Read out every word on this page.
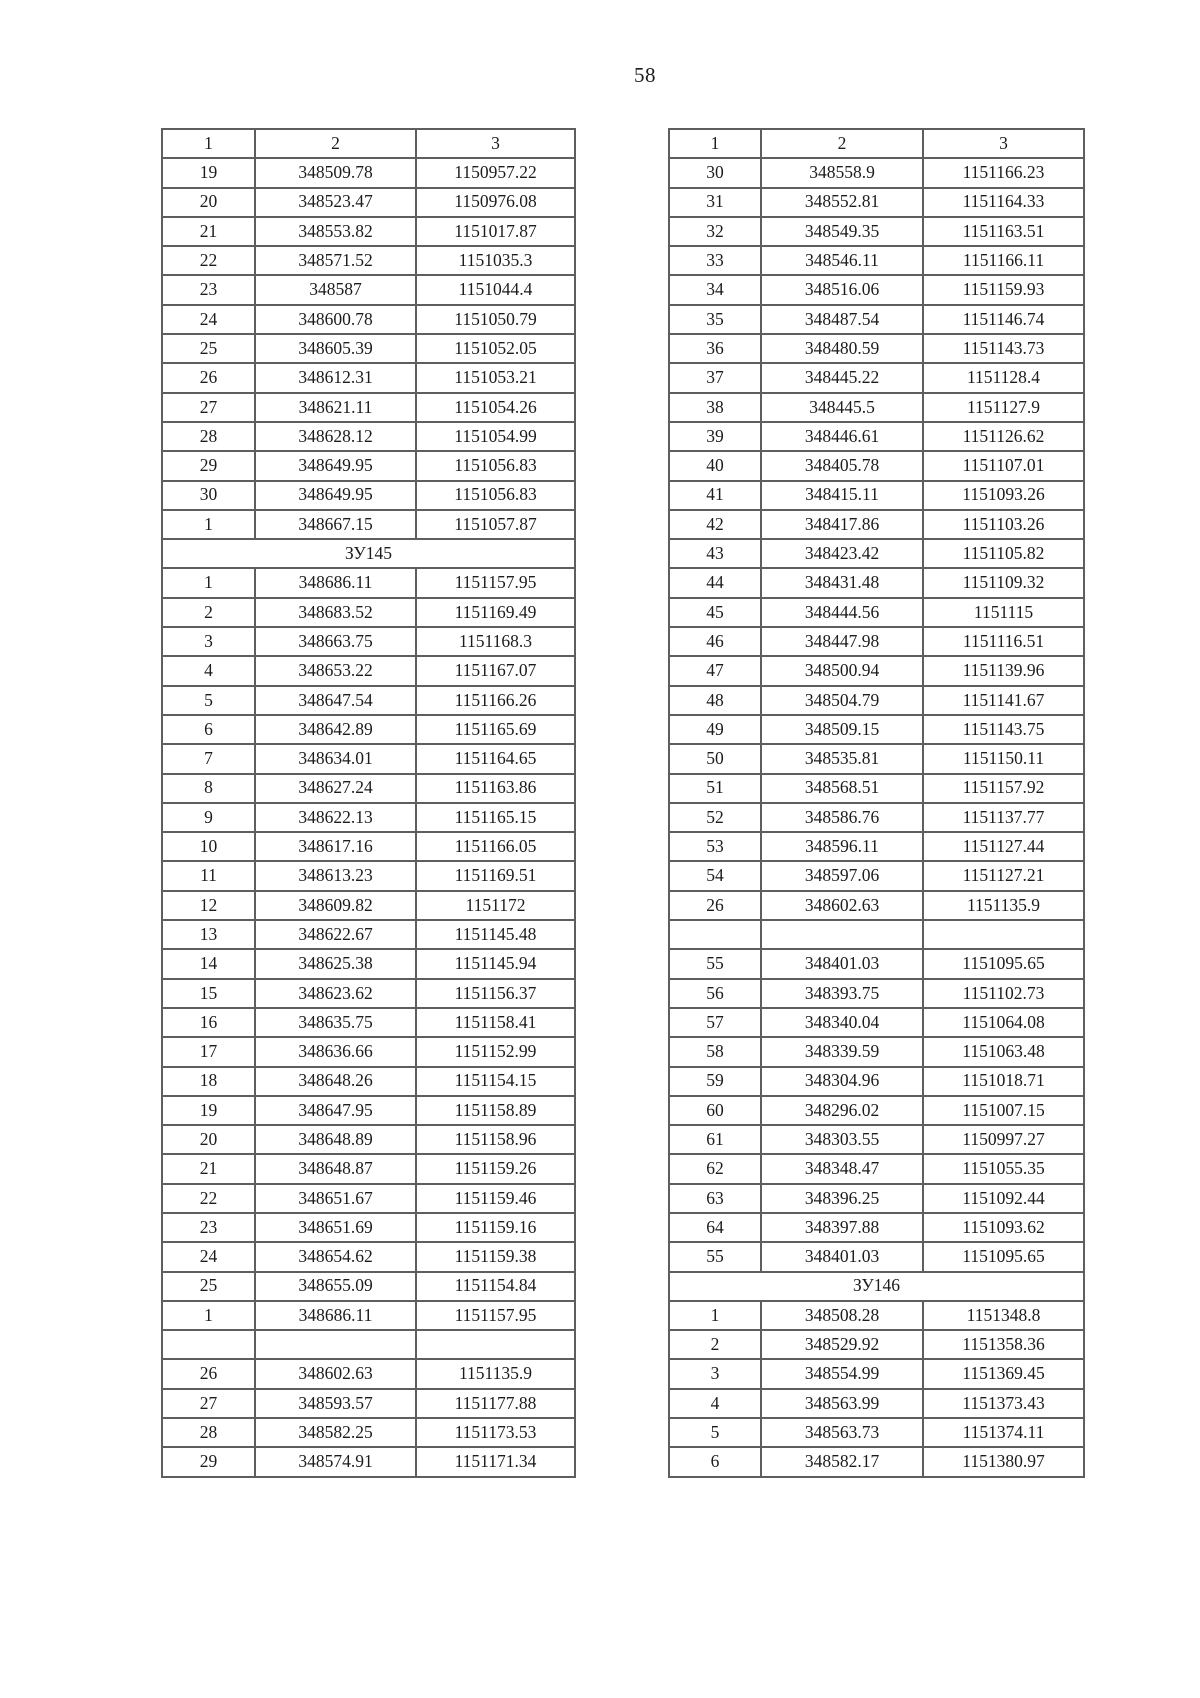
58
1	2	3
19	348509.78	1150957.22
20	348523.47	1150976.08
21	348553.82	1151017.87
22	348571.52	1151035.3
23	348587	1151044.4
24	348600.78	1151050.79
25	348605.39	1151052.05
26	348612.31	1151053.21
27	348621.11	1151054.26
28	348628.12	1151054.99
29	348649.95	1151056.83
30	348649.95	1151056.83
1	348667.15	1151057.87
ЗУ145		
1	348686.11	1151157.95
2	348683.52	1151169.49
3	348663.75	1151168.3
4	348653.22	1151167.07
5	348647.54	1151166.26
6	348642.89	1151165.69
7	348634.01	1151164.65
8	348627.24	1151163.86
9	348622.13	1151165.15
10	348617.16	1151166.05
11	348613.23	1151169.51
12	348609.82	1151172
13	348622.67	1151145.48
14	348625.38	1151145.94
15	348623.62	1151156.37
16	348635.75	1151158.41
17	348636.66	1151152.99
18	348648.26	1151154.15
19	348647.95	1151158.89
20	348648.89	1151158.96
21	348648.87	1151159.26
22	348651.67	1151159.46
23	348651.69	1151159.16
24	348654.62	1151159.38
25	348655.09	1151154.84
1	348686.11	1151157.95

26	348602.63	1151135.9
27	348593.57	1151177.88
28	348582.25	1151173.53
29	348574.91	1151171.34
1	2	3
30	348558.9	1151166.23
31	348552.81	1151164.33
32	348549.35	1151163.51
33	348546.11	1151166.11
34	348516.06	1151159.93
35	348487.54	1151146.74
36	348480.59	1151143.73
37	348445.22	1151128.4
38	348445.5	1151127.9
39	348446.61	1151126.62
40	348405.78	1151107.01
41	348415.11	1151093.26
42	348417.86	1151103.26
43	348423.42	1151105.82
44	348431.48	1151109.32
45	348444.56	1151115
46	348447.98	1151116.51
47	348500.94	1151139.96
48	348504.79	1151141.67
49	348509.15	1151143.75
50	348535.81	1151150.11
51	348568.51	1151157.92
52	348586.76	1151137.77
53	348596.11	1151127.44
54	348597.06	1151127.21
26	348602.63	1151135.9

55	348401.03	1151095.65
56	348393.75	1151102.73
57	348340.04	1151064.08
58	348339.59	1151063.48
59	348304.96	1151018.71
60	348296.02	1151007.15
61	348303.55	1150997.27
62	348348.47	1151055.35
63	348396.25	1151092.44
64	348397.88	1151093.62
55	348401.03	1151095.65
ЗУ146		
1	348508.28	1151348.8
2	348529.92	1151358.36
3	348554.99	1151369.45
4	348563.99	1151373.43
5	348563.73	1151374.11
6	348582.17	1151380.97
